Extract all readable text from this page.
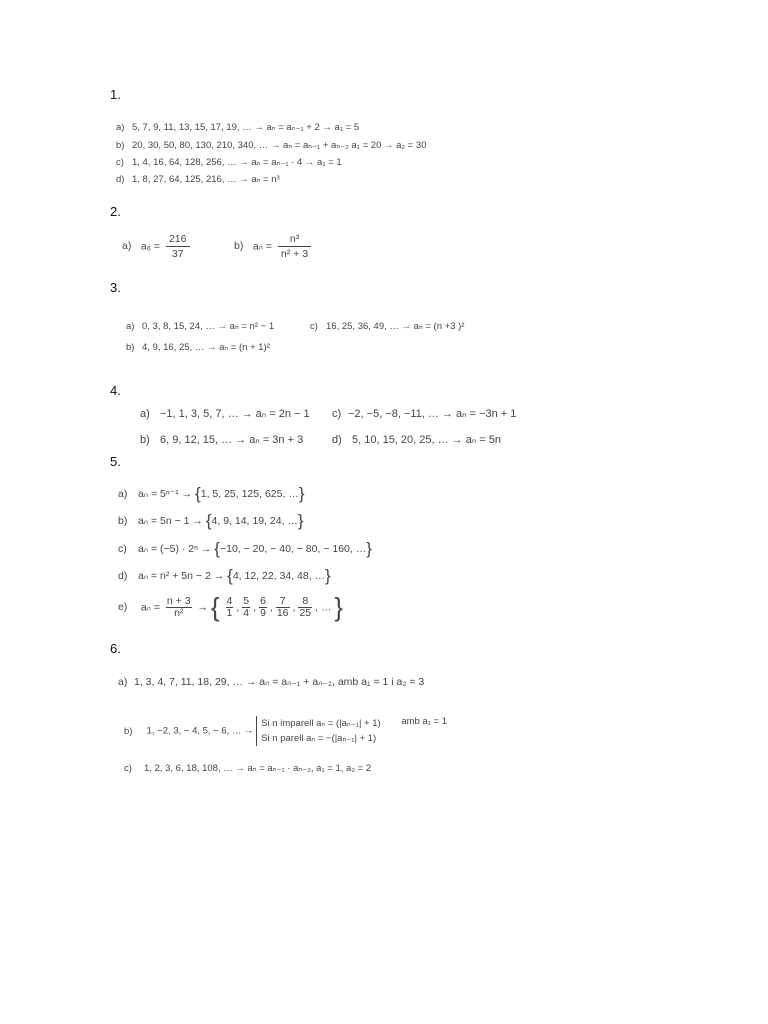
1.
a) 5, 7, 9, 11, 13, 15, 17, 19, … → aₙ = aₙ₋₁ + 2 → a₁ = 5
b) 20, 30, 50, 80, 130, 210, 340, … → aₙ = aₙ₋₁ + aₙ₋₂ a₁ = 20 → a₂ = 30
c) 1, 4, 16, 64, 128, 256, … → aₙ = aₙ₋₁ · 4 → a₁ = 1
d) 1, 8, 27, 64, 125, 216, … → aₙ = n³
2.
a) $a_6 = \frac{216}{37}$	b) $a_n = \frac{\text{n³}}{\text{n² + 3}}$
3.
a) 0, 3, 8, 15, 24, … → aₙ = n² − 1	c) 16, 25, 36, 49, … → aₙ = (n +3 )²
b) 4, 9, 16, 25, … → aₙ = (n + 1)²
4.
a) −1, 1, 3, 5, 7, … → aₙ = 2n − 1 c) −2, −5, −8, −11, … → aₙ = −3n + 1
b) 6, 9, 12, 15, … → aₙ = 3n + 3	d) 5, 10, 15, 20, 25, … → aₙ = 5n
5.
a) aₙ = 5ⁿ⁻¹ → {1, 5, 25, 125, 625, …}
b) aₙ = 5n − 1 → {4, 9, 14, 19, 24, …}
c) aₙ = (−5) · 2ⁿ → {−10, − 20, − 40, − 80, − 160, …}
d) aₙ = n² + 5n − 2 → {4, 12, 22, 34, 48, …}
e) $a_n = \frac{n + 3}{\text{n²}}$ → { $\frac{4}{1}$ , $\frac{5}{4}$ , $\frac{6}{9}$ , $\frac{7}{16}$ , $\frac{8}{25}$ , … }
6.
a) 1, 3, 4, 7, 11, 18, 29, … → aₙ = aₙ₋₁ + aₙ₋₂, amb a₁ = 1 i a₂ = 3
b) 1, −2, 3, − 4, 5, − 6, … →
Si n imparell aₙ = (|aₙ₋₁| + 1)
Si n parell aₙ = −(|aₙ₋₁| + 1)
amb a₁ = 1
c) 1, 2, 3, 6, 18, 108, … → aₙ = aₙ₋₁ · aₙ₋₂, a₁ = 1, a₂ = 2
